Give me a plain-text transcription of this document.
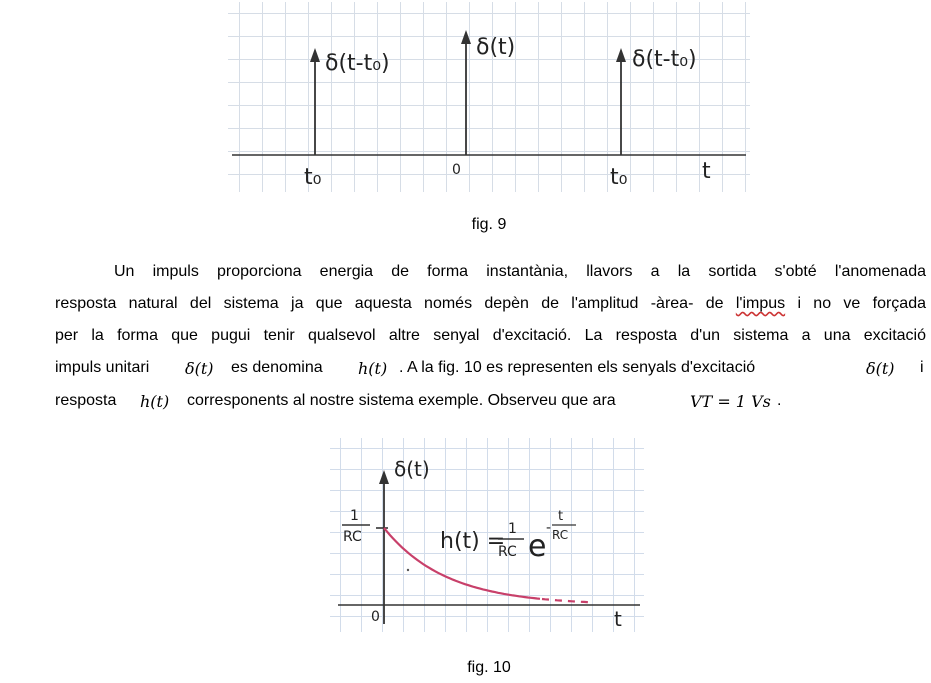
δ(t-t₀)
δ(t)	δ(t-t₀)
t₀	0	t₀	t
fig. 9
Un impuls proporciona energia de forma instantània, llavors a la sortida s'obté l'anomenada
resposta natural del sistema ja que aquesta només depèn de l'amplitud -àrea- de l'impus i no ve forçada
per la forma que pugui tenir qualsevol altre senyal d'excitació. La resposta d'un sistema a una excitació
impuls unitari δ(t) es denomina h(t) . A la fig. 10 es representen els senyals d'excitació	δ(t) i
resposta h(t) corresponents al nostre sistema exemple. Observeu que ara	VT = 1 Vs .
δ(t)
1
RC
0	t
h(t) = 1
RC e
-
t
RC
fig. 10
